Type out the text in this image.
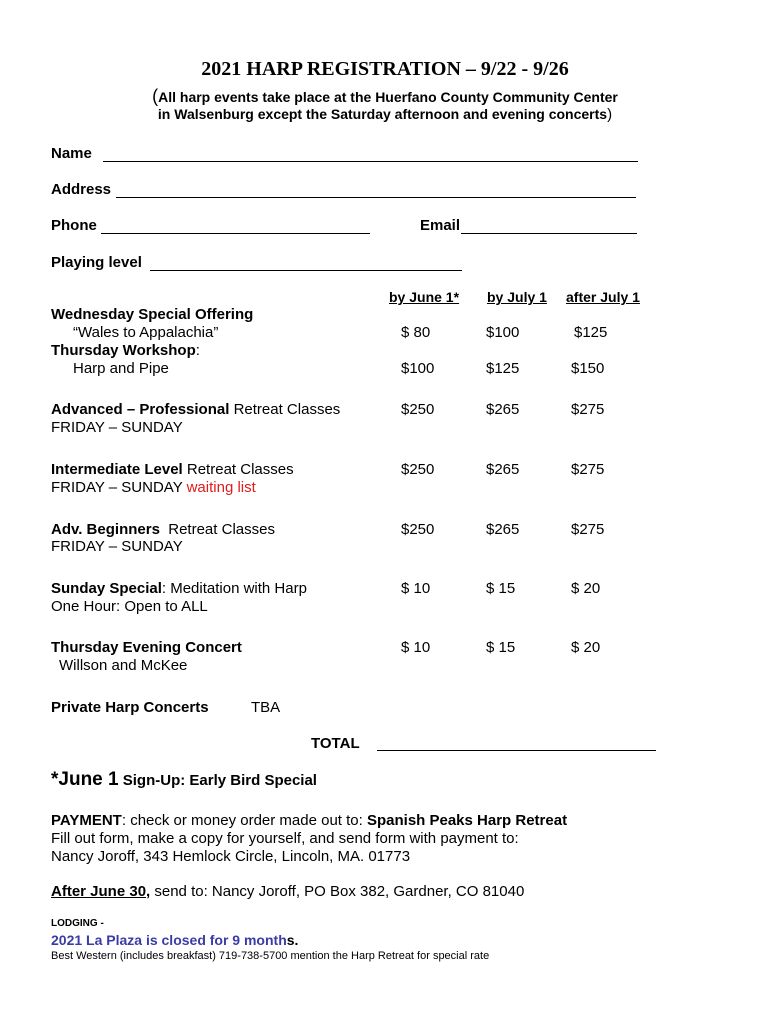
2021 HARP REGISTRATION – 9/22 - 9/26
(All harp events take place at the Huerfano County Community Center
in Walsenburg except the Saturday afternoon and evening concerts)
Name
Address
Phone	Email
Playing level
by June 1* by July 1 after July 1
Wednesday Special Offering
“Wales to Appalachia”	$ 80	$100	$125
Thursday Workshop:
Harp and Pipe	$100	$125	$150
Advanced – Professional Retreat Classes
FRIDAY – SUNDAY
$250	$265	$275
Intermediate Level Retreat Classes
FRIDAY – SUNDAY waiting list
$250	$265	$275
Adv. Beginners  Retreat Classes
FRIDAY – SUNDAY
$250	$265	$275
Sunday Special: Meditation with Harp
One Hour: Open to ALL
$ 10	$ 15	$ 20
Thursday Evening Concert
Willson and McKee
$ 10	$ 15	$ 20
Private Harp Concerts	TBA
TOTAL
*June 1 Sign-Up: Early Bird Special
PAYMENT: check or money order made out to: Spanish Peaks Harp Retreat
Fill out form, make a copy for yourself, and send form with payment to:
Nancy Joroff, 343 Hemlock Circle, Lincoln, MA. 01773
After June 30, send to: Nancy Joroff, PO Box 382, Gardner, CO 81040
LODGING -
2021 La Plaza is closed for 9 months.
Best Western (includes breakfast) 719-738-5700 mention the Harp Retreat for special rate
